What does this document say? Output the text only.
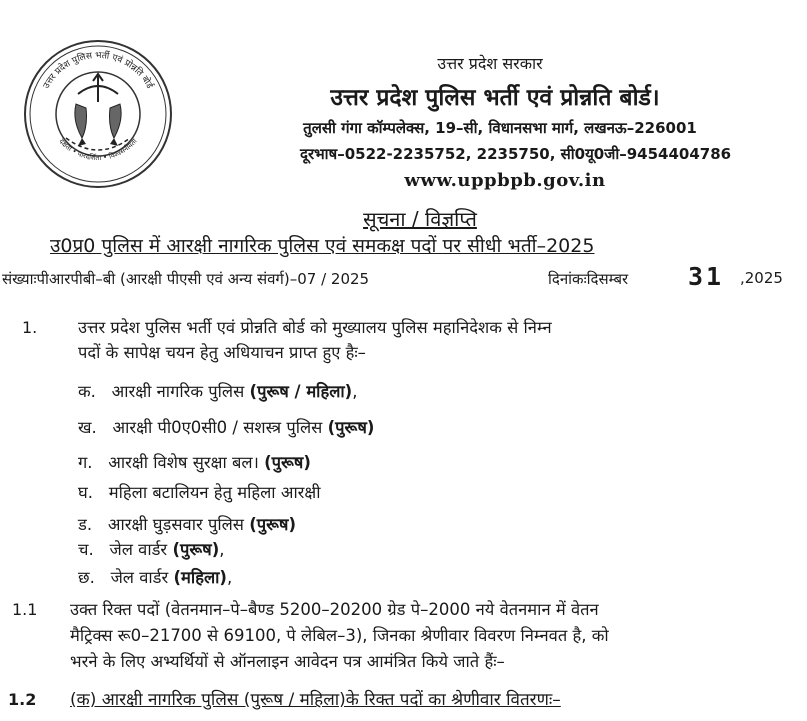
उत्तर प्रदेश पुलिस भर्ती एवं प्रोन्नति बोर्ड
दक्षता • पारदर्शिता • विश्वसनीयता
उत्तर प्रदेश सरकार
उत्तर प्रदेश पुलिस भर्ती एवं प्रोन्नति बोर्ड।
तुलसी गंगा कॉम्पलेक्स, 19–सी, विधानसभा मार्ग, लखनऊ–226001
दूरभाष–0522-2235752, 2235750, सी0यू0जी–9454404786
www.uppbpb.gov.in
सूचना / विज्ञप्ति
उ0प्र0 पुलिस में आरक्षी नागरिक पुलिस एवं समकक्ष पदों पर सीधी भर्ती–2025
संख्याःपीआरपीबी–बी (आरक्षी पीएसी एवं अन्य संवर्ग)–07 / 2025	दिनांकःदिसम्बर 31 ,2025
1. उत्तर प्रदेश पुलिस भर्ती एवं प्रोन्नति बोर्ड को मुख्यालय पुलिस महानिदेशक से निम्न
पदों के सापेक्ष चयन हेतु अधियाचन प्राप्त हुए हैः–
क. आरक्षी नागरिक पुलिस (पुरूष / महिला),
ख. आरक्षी पी0ए0सी0 / सशस्त्र पुलिस (पुरूष)
ग. आरक्षी विशेष सुरक्षा बल। (पुरूष)
घ. महिला बटालियन हेतु महिला आरक्षी
ड. आरक्षी घुड़सवार पुलिस (पुरूष)
च. जेल वार्डर (पुरूष),
छ. जेल वार्डर (महिला),
1.1 उक्त रिक्त पदों (वेतनमान–पे–बैण्ड 5200–20200 ग्रेड पे–2000 नये वेतनमान में वेतन
मैट्रिक्स रू0–21700 से 69100, पे लेबिल–3), जिनका श्रेणीवार विवरण निम्नवत है, को
भरने के लिए अभ्यर्थियों से ऑनलाइन आवेदन पत्र आमंत्रित किये जाते हैंः–
1.2 (क) आरक्षी नागरिक पुलिस (पुरूष / महिला)के रिक्त पदों का श्रेणीवार वितरणः–
